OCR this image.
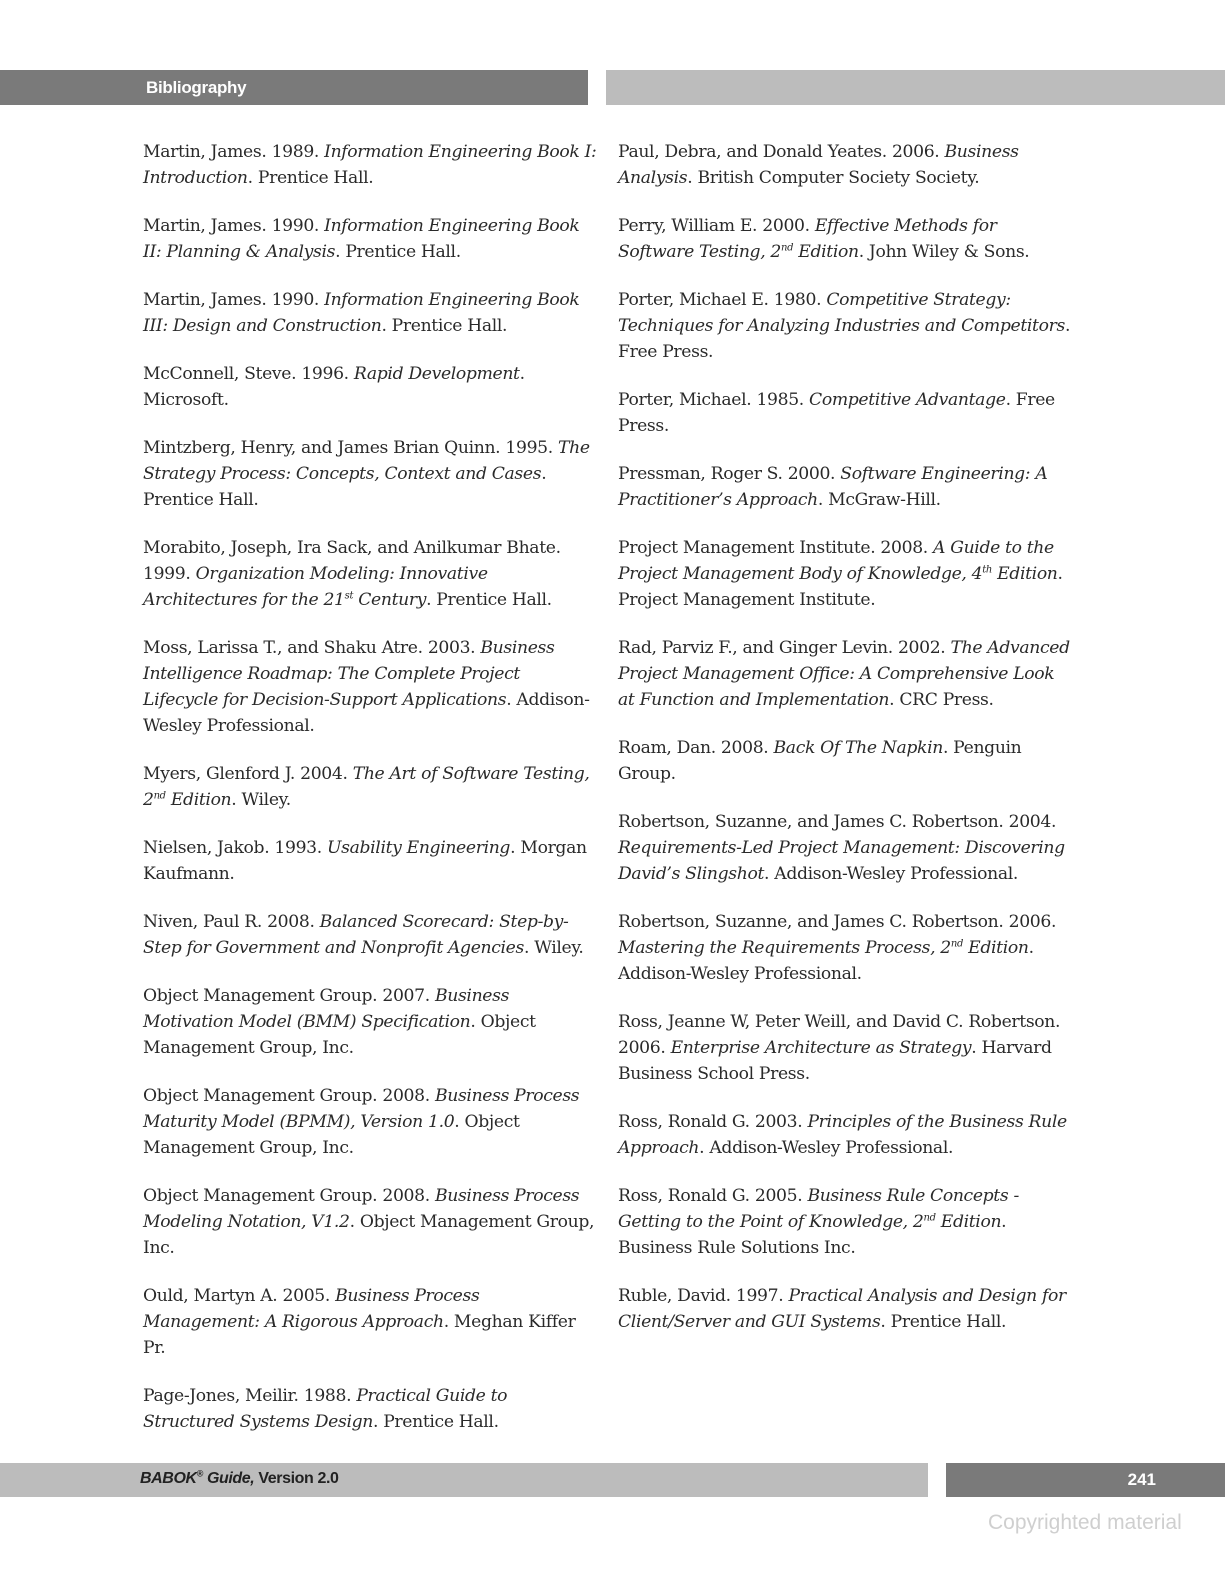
Bibliography

Martin, James. 1989. Information Engineering Book I: Introduction. Prentice Hall.

Martin, James. 1990. Information Engineering Book II: Planning & Analysis. Prentice Hall.

Martin, James. 1990. Information Engineering Book III: Design and Construction. Prentice Hall.

McConnell, Steve. 1996. Rapid Development. Microsoft.

Mintzberg, Henry, and James Brian Quinn. 1995. The Strategy Process: Concepts, Context and Cases. Prentice Hall.

Morabito, Joseph, Ira Sack, and Anilkumar Bhate. 1999. Organization Modeling: Innovative Architectures for the 21st Century. Prentice Hall.

Moss, Larissa T., and Shaku Atre. 2003. Business Intelligence Roadmap: The Complete Project Lifecycle for Decision-Support Applications. Addison-Wesley Professional.

Myers, Glenford J. 2004. The Art of Software Testing, 2nd Edition. Wiley.

Nielsen, Jakob. 1993. Usability Engineering. Morgan Kaufmann.

Niven, Paul R. 2008. Balanced Scorecard: Step-by-Step for Government and Nonprofit Agencies. Wiley.

Object Management Group. 2007. Business Motivation Model (BMM) Specification. Object Management Group, Inc.

Object Management Group. 2008. Business Process Maturity Model (BPMM), Version 1.0. Object Management Group, Inc.

Object Management Group. 2008. Business Process Modeling Notation, V1.2. Object Management Group, Inc.

Ould, Martyn A. 2005. Business Process Management: A Rigorous Approach. Meghan Kiffer Pr.

Page-Jones, Meilir. 1988. Practical Guide to Structured Systems Design. Prentice Hall.

Paul, Debra, and Donald Yeates. 2006. Business Analysis. British Computer Society Society.

Perry, William E. 2000. Effective Methods for Software Testing, 2nd Edition. John Wiley & Sons.

Porter, Michael E. 1980. Competitive Strategy: Techniques for Analyzing Industries and Competitors. Free Press.

Porter, Michael. 1985. Competitive Advantage. Free Press.

Pressman, Roger S. 2000. Software Engineering: A Practitioner’s Approach. McGraw-Hill.

Project Management Institute. 2008. A Guide to the Project Management Body of Knowledge, 4th Edition. Project Management Institute.

Rad, Parviz F., and Ginger Levin. 2002. The Advanced Project Management Office: A Comprehensive Look at Function and Implementation. CRC Press.

Roam, Dan. 2008. Back Of The Napkin. Penguin Group.

Robertson, Suzanne, and James C. Robertson. 2004. Requirements-Led Project Management: Discovering David’s Slingshot. Addison-Wesley Professional.

Robertson, Suzanne, and James C. Robertson. 2006. Mastering the Requirements Process, 2nd Edition. Addison-Wesley Professional.

Ross, Jeanne W, Peter Weill, and David C. Robertson. 2006. Enterprise Architecture as Strategy. Harvard Business School Press.

Ross, Ronald G. 2003. Principles of the Business Rule Approach. Addison-Wesley Professional.

Ross, Ronald G. 2005. Business Rule Concepts - Getting to the Point of Knowledge, 2nd Edition. Business Rule Solutions Inc.

Ruble, David. 1997. Practical Analysis and Design for Client/Server and GUI Systems. Prentice Hall.

BABOK® Guide, Version 2.0	241
Copyrighted material
